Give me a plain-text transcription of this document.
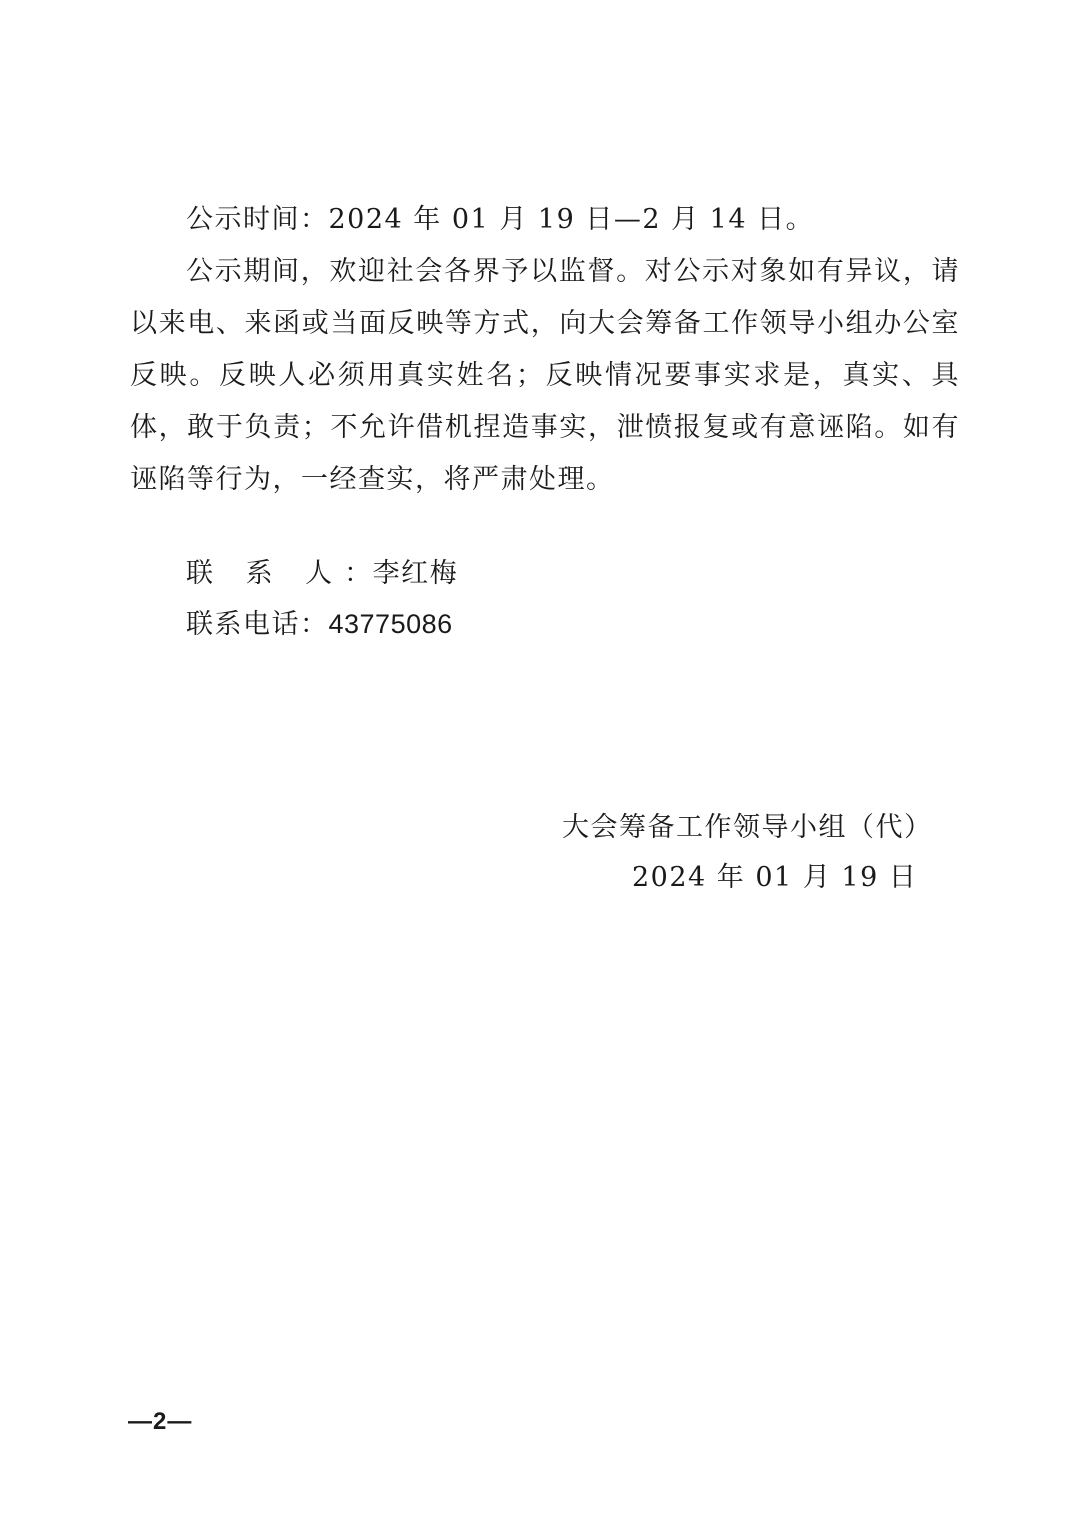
公示时间：2024 年 01 月 19 日—2 月 14 日。

公示期间，欢迎社会各界予以监督。对公示对象如有异议，请以来电、来函或当面反映等方式，向大会筹备工作领导小组办公室反映。反映人必须用真实姓名；反映情况要事实求是，真实、具体，敢于负责；不允许借机捏造事实，泄愤报复或有意诬陷。如有诬陷等行为，一经查实，将严肃处理。

联 系 人：李红梅
联系电话：43775086
大会筹备工作领导小组（代）
2024 年 01 月 19 日
—2—
